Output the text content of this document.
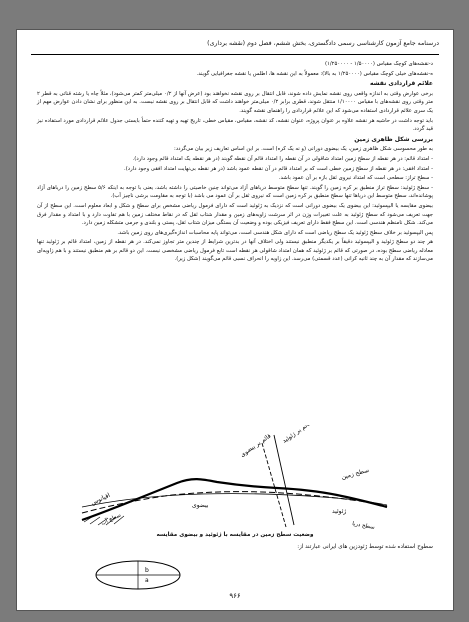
درسنامه جامع آزمون کارشناسی رسمی دادگستری، بخش ششم، فصل دوم (نقشه برداری)

د-نقشه‌های کوچک مقیاس (۱/۵۰۰۰۰ - ۱/۲۵۰۰۰۰)

ه-نقشه‌های خیلی کوچک مقیاس (۱/۲۵۰۰۰۰ به بالا): معمولاً به این نقشه ها، اطلس یا نقشه جغرافیایی گویند.

علائم قراردادی نقشه

برخی عوارض وقتی به اندازه واقعی روی نقشه نمایش داده شوند، قابل انتقال بر روی نقشه نخواهند بود (عرض آنها از ۰/۲ میلی‌متر کمتر می‌شود)، مثلاً چاه یا رشته قناتی به قطر ۲ متر وقتی روی نقشه‌های با مقیاس ۱/۱۰۰۰۰ منتقل شوند، قطری برابر ۰/۲ میلی‌متر خواهند داشت که قابل انتقال بر روی نقشه نیست. به این منظور برای نشان دادن عوارض مهم از یک سری علائم قراردادی استفاده می‌شود که این علائم قراردادی را راهنمای نقشه گویند.

باید توجه داشت در حاشیه هر نقشه علاوه بر عنوان پروژه، عنوان نقشه، کد نقشه، مقیاس، مقیاس خطی، تاریخ تهیه و تهیه کننده حتماً بایستی جدول علائم قراردادی مورد استفاده نیز قید گردد.

بررسی شکل ظاهری زمین

به طور محسوسی شکل ظاهری زمین، یک بیضوی دورانی (و نه یک کره) است. بر این اساس تعاریف زیر بیان می‌گردد:

- امتداد قائم: در هر نقطه از سطح زمین امتداد شاقولی در آن نقطه را امتداد قائم آن نقطه گویند (در هر نقطه یک امتداد قائم وجود دارد).

- امتداد افقی: در هر نقطه از سطح زمین خطی است که بر امتداد قائم در آن نقطه عمود باشد (در هر نقطه بی‌نهایت امتداد افقی وجود دارد).

- سطح تراز: سطحی است که امتداد نیروی ثقل بازه بر آن عمود باشد.

- سطح ژئوئید: سطح تراز منطبق بر کره زمین را گویند. تنها سطح متوسط دریاهای آزاد می‌تواند چنین خاصیتی را داشته باشد، یعنی با توجه به اینکه ۵/۶ سطح زمین را دریاهای آزاد پوشانده‌اند، سطح متوسط این دریاها تنها سطح منطبق بر کره زمین است که نیروی ثقل بر آن عمود می باشد (با توجه به مقاومت برشی ناچیز آب).

بیضوی مقایسه یا الیپسوئید: این بیضوی یک بیضوی دورانی است که نزدیک به ژئوئید است که دارای فرمول ریاضی مشخص برای سطح و شکل و ابعاد معلوم است. این سطح از آن جهت تعریف می‌شود که سطح ژئوئید به علت تغییرات وزن در اثر سرشت زاویه‌های زمین و مقدار شتاب ثقل که در نقاط مختلف زمین با هم تفاوت دارد و با امتداد و مقدار فرق می‌کند. شکل نامنظم هندسی است. این سطح فقط دارای تعریف فیزیکی بوده و وضعیت آن بستگی میزان شتاب ثقل، پستی و بلندی و جرمی متشکله زمین دارد.

پس الیپسوئید بر خلاف سطح ژئوئید یک سطح ریاضی است که دارای شکل هندسی است، می‌تواند پایه محاسبات اندازه‌گیری‌های روی زمین باشد.

هر چند دو سطح ژئوئید و الیپسوئید دقیقاً بر یکدیگر منطبق نیستند ولی اختلاف آنها در بدترین شرایط از چندین متر تجاوز نمی‌کند. در هر نقطه از زمین، امتداد قائم بر ژئوئید تنها معادله ریاضی سطح بوده، در صورتی که قائم بر ژئوئید که همان امتداد شاقولی هر نقطه است تابع فرمول ریاضی مشخصی نیست. این دو قائم بر هم منطبق نیستند و با هم زاویه‌ای می‌سازند که مقدار آن به چند ثانیه کرانی (عدد قسمتی) می‌رسد. این زاویه را انحراف نسبی قائم می‌گویند (شکل زیر).

قائم بر ژئوئید
قائم بر بیضوی
سطح زمین
ژئوئید
بیضوی
سطح دریا
اقیانوس
سطح آب
وضعیت سطح زمین در مقایسه با ژئوئید و بیضوی مقایسه
سطوح استفاده شده توسط ژئودزین های ایرانی عبارتند از:
b
a
۹۶۶
